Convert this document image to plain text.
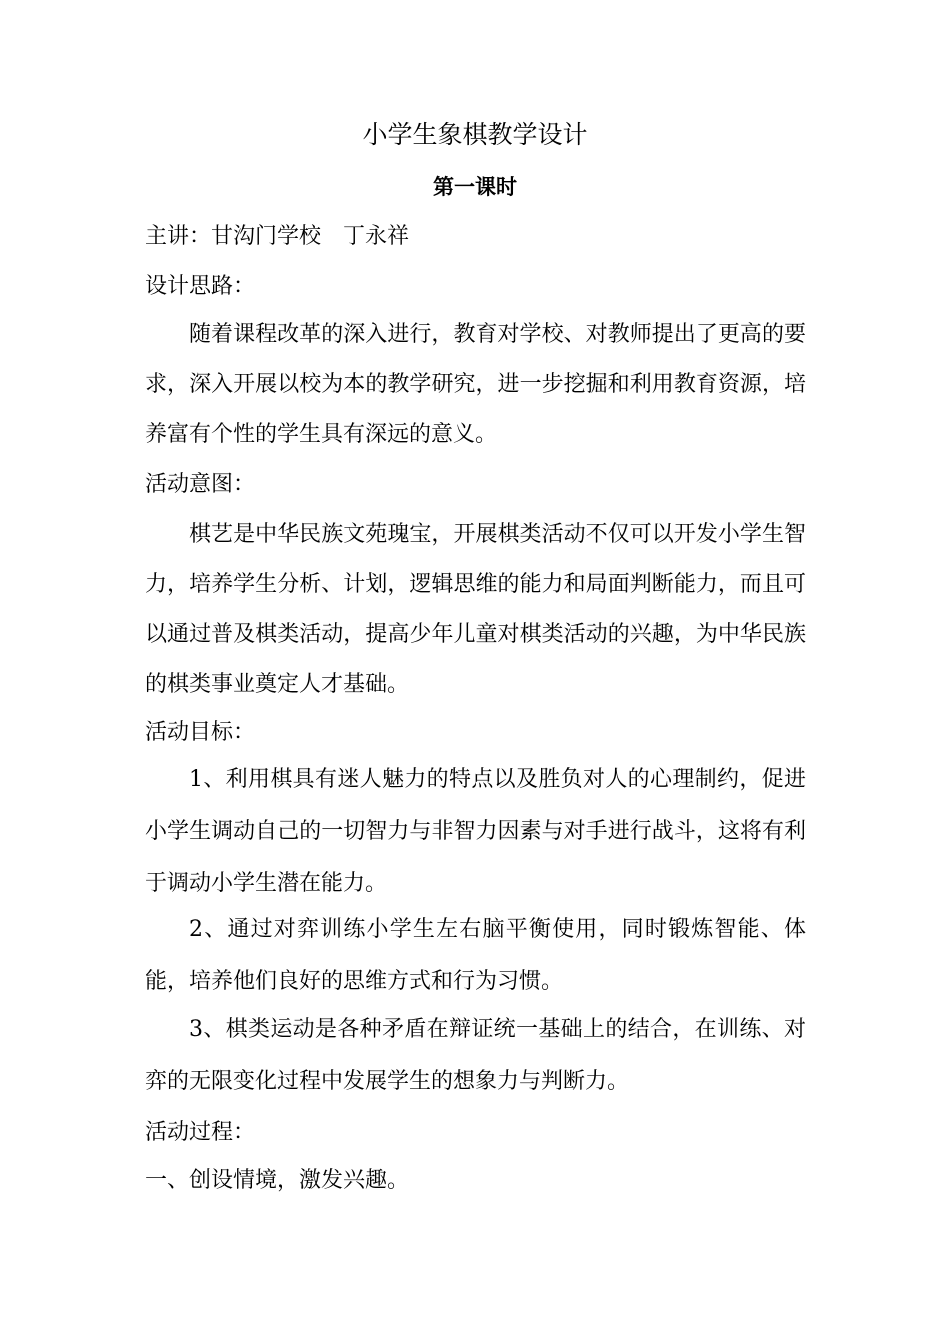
小学生象棋教学设计
第一课时
主讲：甘沟门学校　丁永祥
设计思路：
随着课程改革的深入进行，教育对学校、对教师提出了更高的要求，深入开展以校为本的教学研究，进一步挖掘和利用教育资源，培养富有个性的学生具有深远的意义。
活动意图：
棋艺是中华民族文苑瑰宝，开展棋类活动不仅可以开发小学生智力，培养学生分析、计划，逻辑思维的能力和局面判断能力，而且可以通过普及棋类活动，提高少年儿童对棋类活动的兴趣，为中华民族的棋类事业奠定人才基础。
活动目标：
1、利用棋具有迷人魅力的特点以及胜负对人的心理制约，促进小学生调动自己的一切智力与非智力因素与对手进行战斗，这将有利于调动小学生潜在能力。
2、通过对弈训练小学生左右脑平衡使用，同时锻炼智能、体能，培养他们良好的思维方式和行为习惯。
3、棋类运动是各种矛盾在辩证统一基础上的结合，在训练、对弈的无限变化过程中发展学生的想象力与判断力。
活动过程：
一、创设情境，激发兴趣。
